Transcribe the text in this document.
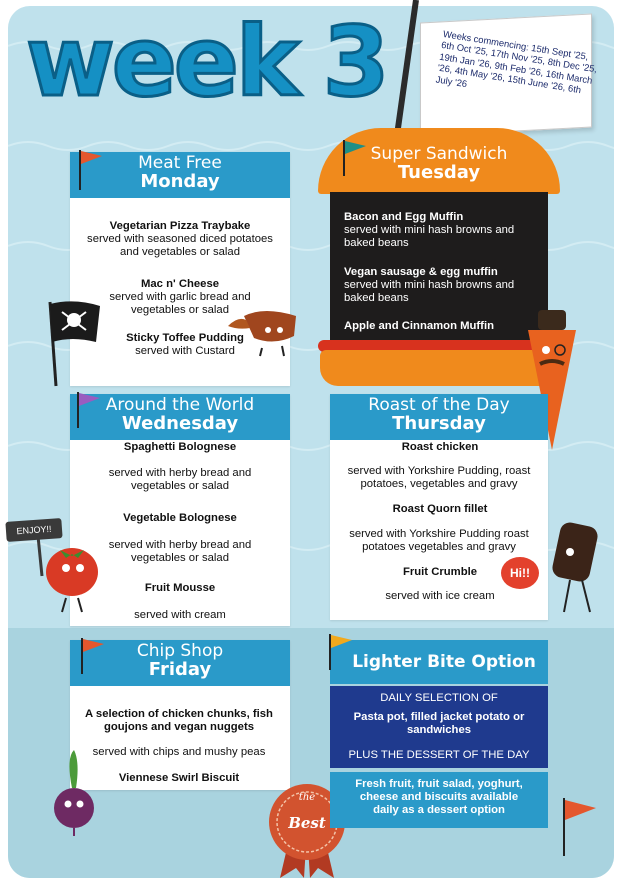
week 3	Weeks commencing: 15th Sept '25, 6th Oct '25, 17th Nov '25, 8th Dec '25, 19th Jan '26, 9th Feb '26, 16th March '26, 4th May '26, 15th June '26, 6th July '26
Meat Free
Monday
Vegetarian Pizza Traybake
served with seasoned diced potatoes and vegetables or salad
Mac n' Cheese
served with garlic bread and vegetables or salad
Sticky Toffee Pudding
served with Custard
Super Sandwich
Tuesday
Bacon and Egg Muffin
served with mini hash browns and baked beans
Vegan sausage & egg muffin
served with mini hash browns and baked beans
Apple and Cinnamon Muffin
Around the World
Wednesday
Spaghetti Bolognese
served with herby bread and vegetables or salad
Vegetable Bolognese
served with herby bread and vegetables or salad
Fruit Mousse
served with cream
Roast of the Day
Thursday
Roast chicken
served with Yorkshire Pudding, roast potatoes, vegetables and gravy
Roast Quorn fillet
served with Yorkshire Pudding roast potatoes vegetables and gravy
Fruit Crumble
served with ice cream
ENJOY!!
Hi!!
Chip Shop
Friday
A selection of chicken chunks, fish goujons and vegan nuggets
served with chips and mushy peas
Viennese Swirl Biscuit
the
Best
Lighter Bite Option
DAILY SELECTION OF
Pasta pot, filled jacket potato or sandwiches
PLUS THE DESSERT OF THE DAY
Fresh fruit, fruit salad, yoghurt, cheese and biscuits available daily as a dessert option
